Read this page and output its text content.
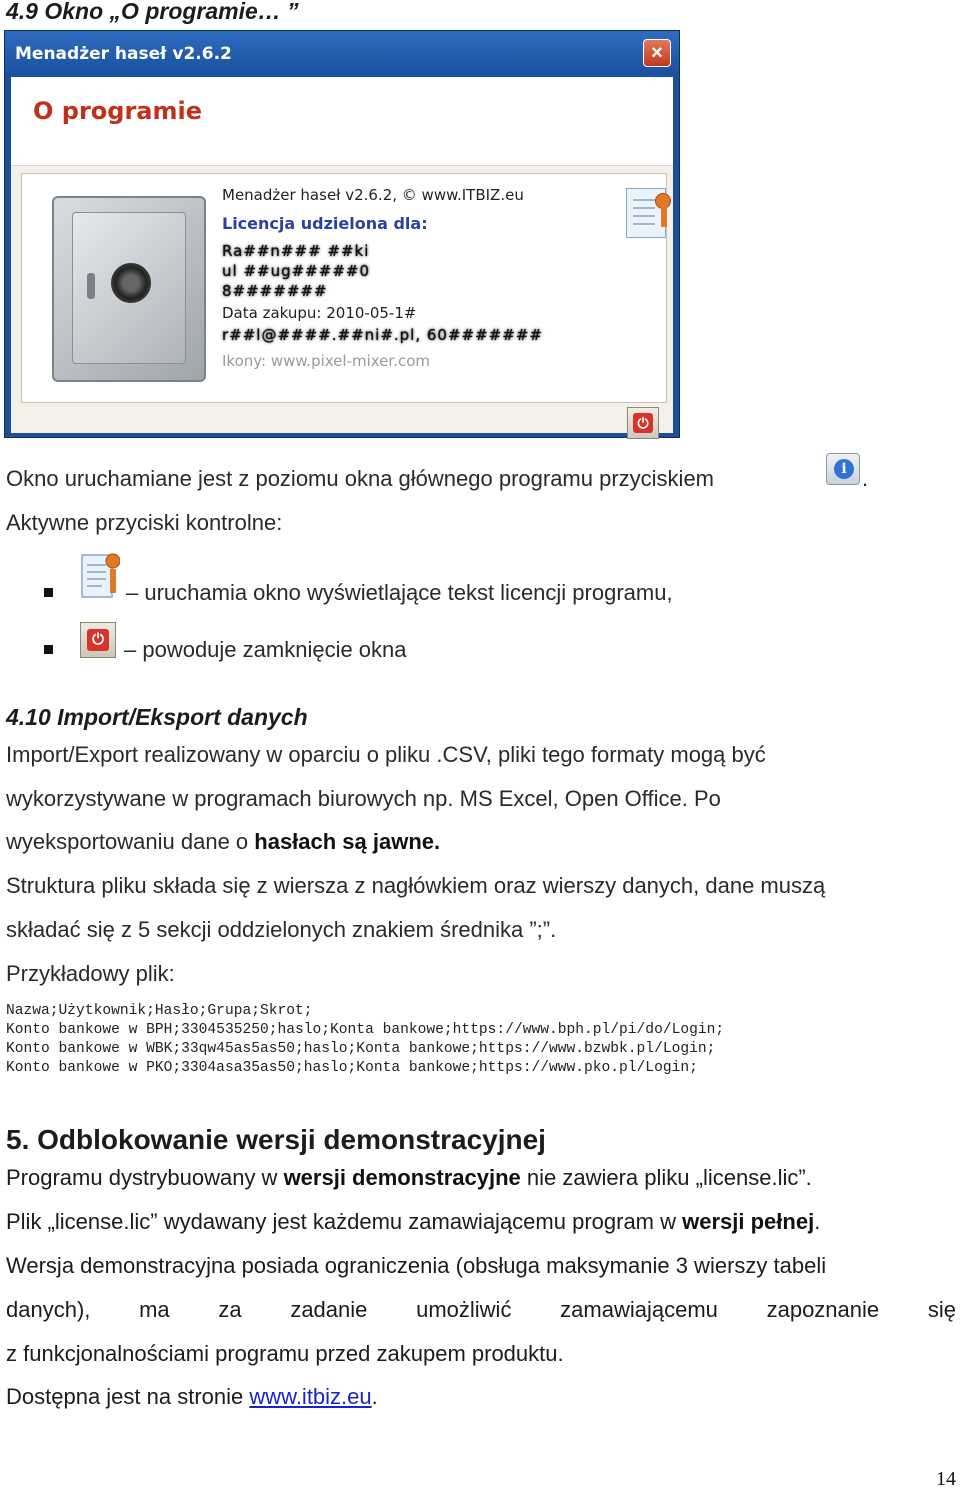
4.9 Okno „O programie… ”
Menadżer haseł v2.6.2	×
O programie
Menadżer haseł v2.6.2, © www.ITBIZ.eu
Licencja udzielona dla:
Ra##n### ##ki
ul ##ug#####0
8#######
Data zakupu: 2010-05-1#
r##l@####.##ni#.pl, 60#######
Ikony: www.pixel-mixer.com
⏻
Okno uruchamiane jest z poziomu okna głównego programu przyciskiem	i .
Aktywne przyciski kontrolne:
– uruchamia okno wyświetlające tekst licencji programu,
⏻ – powoduje zamknięcie okna
4.10 Import/Eksport danych
Import/Export realizowany w oparciu o pliku .CSV, pliki tego formaty mogą być
wykorzystywane w programach biurowych np. MS Excel, Open Office. Po
wyeksportowaniu dane o hasłach są jawne.
Struktura pliku składa się z wiersza z nagłówkiem oraz wierszy danych, dane muszą
składać się z 5 sekcji oddzielonych znakiem średnika ”;”.
Przykładowy plik:
Nazwa;Użytkownik;Hasło;Grupa;Skrot;
Konto bankowe w BPH;3304535250;haslo;Konta bankowe;https://www.bph.pl/pi/do/Login;
Konto bankowe w WBK;33qw45as5as50;haslo;Konta bankowe;https://www.bzwbk.pl/Login;
Konto bankowe w PKO;3304asa35as50;haslo;Konta bankowe;https://www.pko.pl/Login;
5. Odblokowanie wersji demonstracyjnej
Programu dystrybuowany w wersji demonstracyjne nie zawiera pliku „license.lic”.
Plik „license.lic” wydawany jest każdemu zamawiającemu program w wersji pełnej.
Wersja demonstracyjna posiada ograniczenia (obsługa maksymanie 3 wierszy tabeli
danych), ma za zadanie umożliwić zamawiającemu zapoznanie się
z funkcjonalnościami programu przed zakupem produktu.
Dostępna jest na stronie www.itbiz.eu.
14
